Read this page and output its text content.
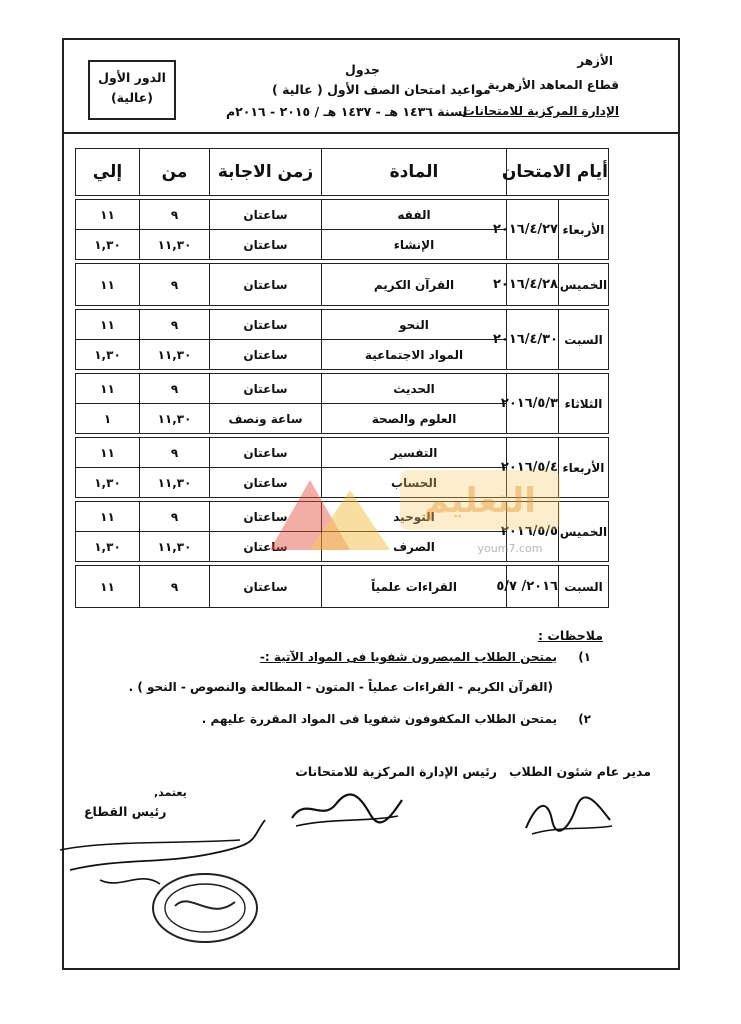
الأزهر
قطاع المعاهد الأزهرية
الإدارة المركزية للامتحانات
جدول
مواعيد امتحان الصف الأول ( عالية )
لسنة ١٤٣٦ هـ - ١٤٣٧ هـ / ٢٠١٥ - ٢٠١٦م
الدور الأول
(عالية)
أيام الامتحان		المادة	زمن الاجابة	من	إلي

الأربعاء	٢٠١٦/٤/٢٧	الفقه	ساعتان	٩	١١
		الإنشاء	ساعتان	١١,٣٠	١,٣٠

الخميس	٢٠١٦/٤/٢٨	القرآن الكريم	ساعتان	٩	١١

السبت	٢٠١٦/٤/٣٠	النحو	ساعتان	٩	١١
		المواد الاجتماعية	ساعتان	١١,٣٠	١,٣٠

الثلاثاء	٢٠١٦/٥/٣	الحديث	ساعتان	٩	١١
		العلوم والصحة	ساعة ونصف	١١,٣٠	١

الأربعاء	٢٠١٦/٥/٤	التفسير	ساعتان	٩	١١
		الحساب	ساعتان	١١,٣٠	١,٣٠

الخميس	٢٠١٦/٥/٥	التوحيد	ساعتان	٩	١١
		الصرف	ساعتان	١١,٣٠	١,٣٠

السبت	٢٠١٦/ ٥/٧	القراءات علمياً	ساعتان	٩	١١
التعليم
youm7.com
ملاحظات :
١)
يمتحن الطلاب المبصرون شفويا فى المواد الآتية :-
(القرآن الكريم - القراءات عملياً - المتون - المطالعة والنصوص - النحو ) .
٢)
يمتحن الطلاب المكفوفون شفويا فى المواد المقررة عليهم .
مدير عام شئون الطلاب
رئيس الإدارة المركزية للامتحانات
يعتمد,
رئيس القطاع
